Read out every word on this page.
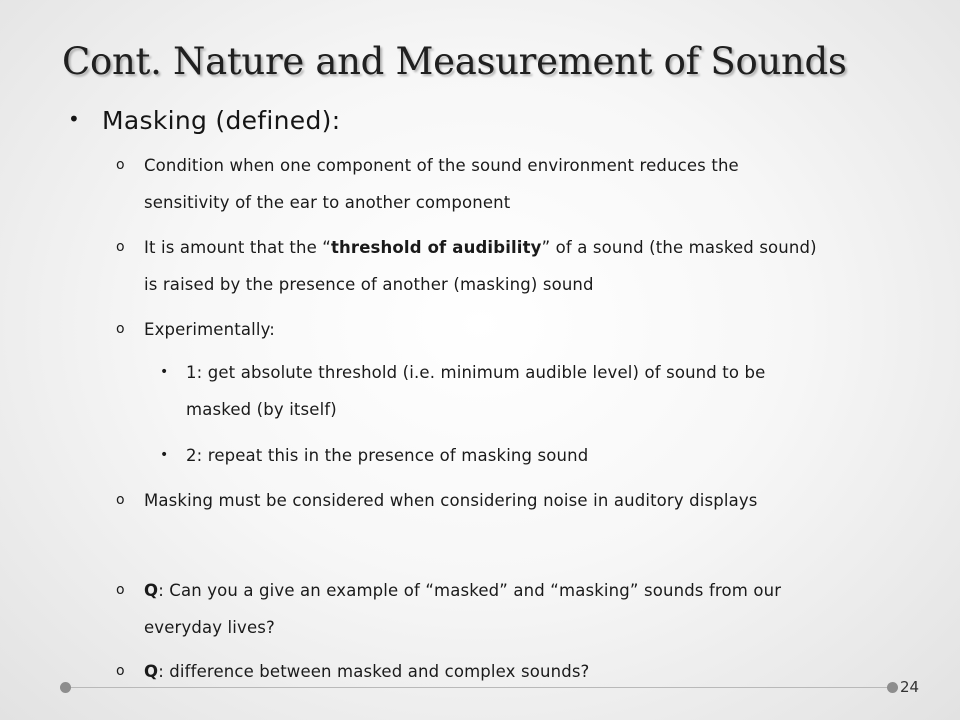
Cont. Nature and Measurement of Sounds
• Masking (defined):
o Condition when one component of the sound environment reduces the
sensitivity of the ear to another component
o It is amount that the “threshold of audibility” of a sound (the masked sound)
is raised by the presence of another (masking) sound
o Experimentally:
• 1: get absolute threshold (i.e. minimum audible level) of sound to be
masked (by itself)
• 2: repeat this in the presence of masking sound
o Masking must be considered when considering noise in auditory displays
o Q: Can you a give an example of “masked” and “masking” sounds from our
everyday lives?
o Q: difference between masked and complex sounds?
24
